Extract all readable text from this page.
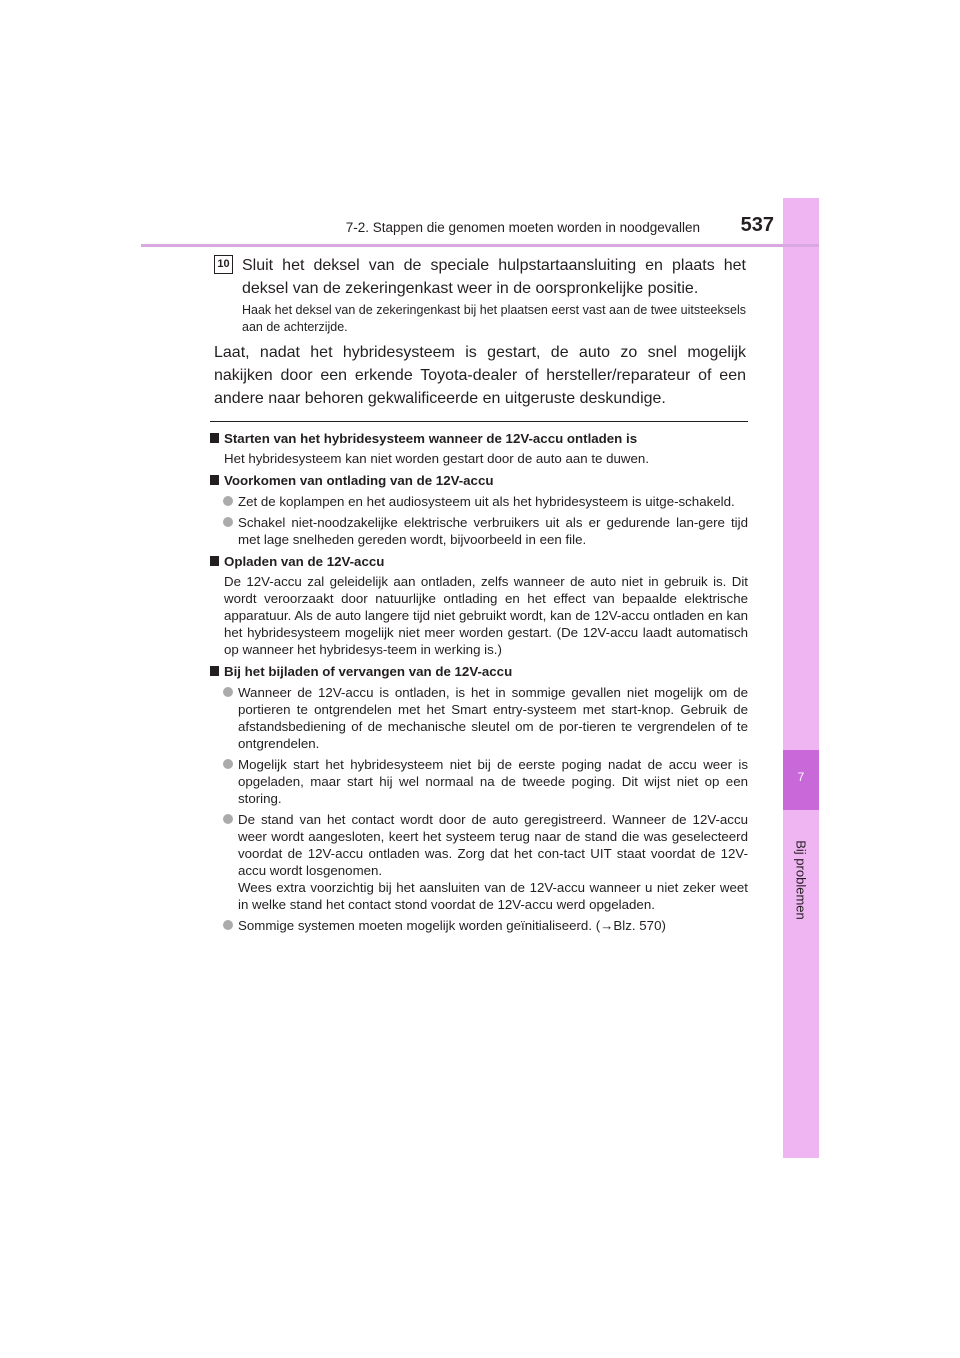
7
Bij problemen
7-2. Stappen die genomen moeten worden in noodgevallen	537
10 Sluit het deksel van de speciale hulpstartaansluiting en plaats het deksel van de zekeringenkast weer in de oorspronkelijke positie.
Haak het deksel van de zekeringenkast bij het plaatsen eerst vast aan de twee uitsteeksels aan de achterzijde.
Laat, nadat het hybridesysteem is gestart, de auto zo snel mogelijk nakijken door een erkende Toyota-dealer of hersteller/reparateur of een andere naar behoren gekwalificeerde en uitgeruste deskundige.
Starten van het hybridesysteem wanneer de 12V-accu ontladen is
Het hybridesysteem kan niet worden gestart door de auto aan te duwen.
Voorkomen van ontlading van de 12V-accu
Zet de koplampen en het audiosysteem uit als het hybridesysteem is uitge-schakeld.
Schakel niet-noodzakelijke elektrische verbruikers uit als er gedurende lan-gere tijd met lage snelheden gereden wordt, bijvoorbeeld in een file.
Opladen van de 12V-accu
De 12V-accu zal geleidelijk aan ontladen, zelfs wanneer de auto niet in gebruik is. Dit wordt veroorzaakt door natuurlijke ontlading en het effect van bepaalde elektrische apparatuur. Als de auto langere tijd niet gebruikt wordt, kan de 12V-accu ontladen en kan het hybridesysteem mogelijk niet meer worden gestart. (De 12V-accu laadt automatisch op wanneer het hybridesys-teem in werking is.)
Bij het bijladen of vervangen van de 12V-accu
Wanneer de 12V-accu is ontladen, is het in sommige gevallen niet mogelijk om de portieren te ontgrendelen met het Smart entry-systeem met start-knop. Gebruik de afstandsbediening of de mechanische sleutel om de por-tieren te vergrendelen of te ontgrendelen.
Mogelijk start het hybridesysteem niet bij de eerste poging nadat de accu weer is opgeladen, maar start hij wel normaal na de tweede poging. Dit wijst niet op een storing.
De stand van het contact wordt door de auto geregistreerd. Wanneer de 12V-accu weer wordt aangesloten, keert het systeem terug naar de stand die was geselecteerd voordat de 12V-accu ontladen was. Zorg dat het con-tact UIT staat voordat de 12V-accu wordt losgenomen.
Wees extra voorzichtig bij het aansluiten van de 12V-accu wanneer u niet zeker weet in welke stand het contact stond voordat de 12V-accu werd opgeladen.
Sommige systemen moeten mogelijk worden geïnitialiseerd. (→Blz. 570)
